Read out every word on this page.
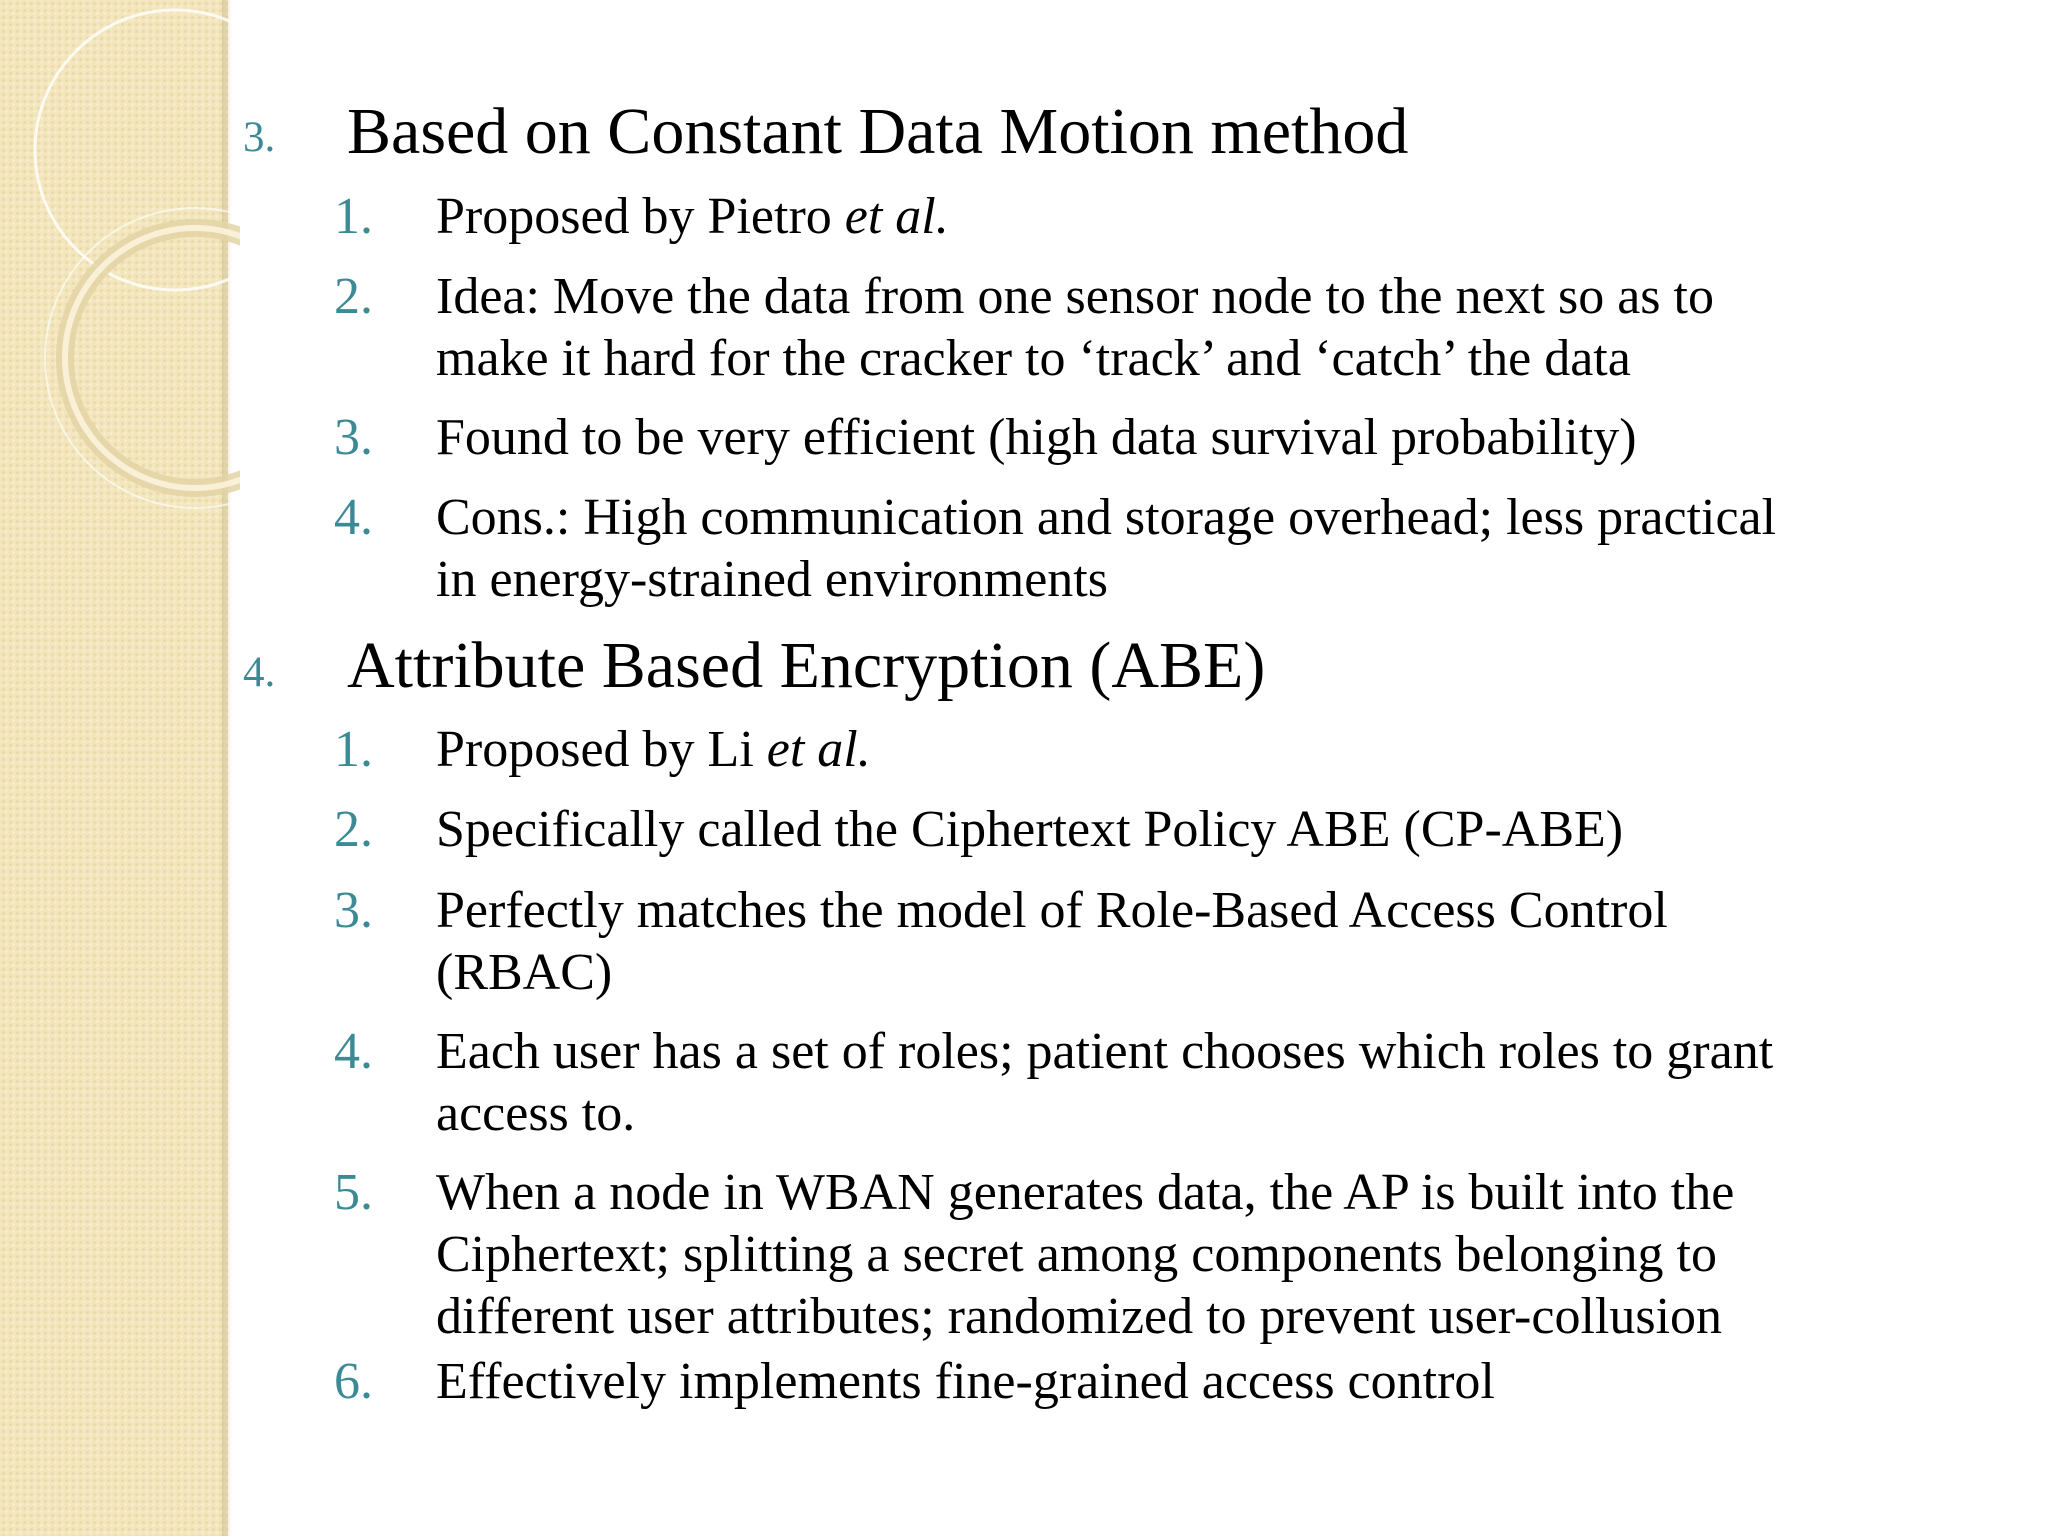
3. Based on Constant Data Motion method
1. Proposed by Pietro et al.
2. Idea: Move the data from one sensor node to the next so as to
make it hard for the cracker to ‘track’ and ‘catch’ the data
3. Found to be very efficient (high data survival probability)
4. Cons.: High communication and storage overhead; less practical
in energy-strained environments
4. Attribute Based Encryption (ABE)
1. Proposed by Li et al.
2. Specifically called the Ciphertext Policy ABE (CP-ABE)
3. Perfectly matches the model of Role-Based Access Control
(RBAC)
4. Each user has a set of roles; patient chooses which roles to grant
access to.
5. When a node in WBAN generates data, the AP is built into the
Ciphertext; splitting a secret among components belonging to
different user attributes; randomized to prevent user-collusion
6. Effectively implements fine-grained access control
